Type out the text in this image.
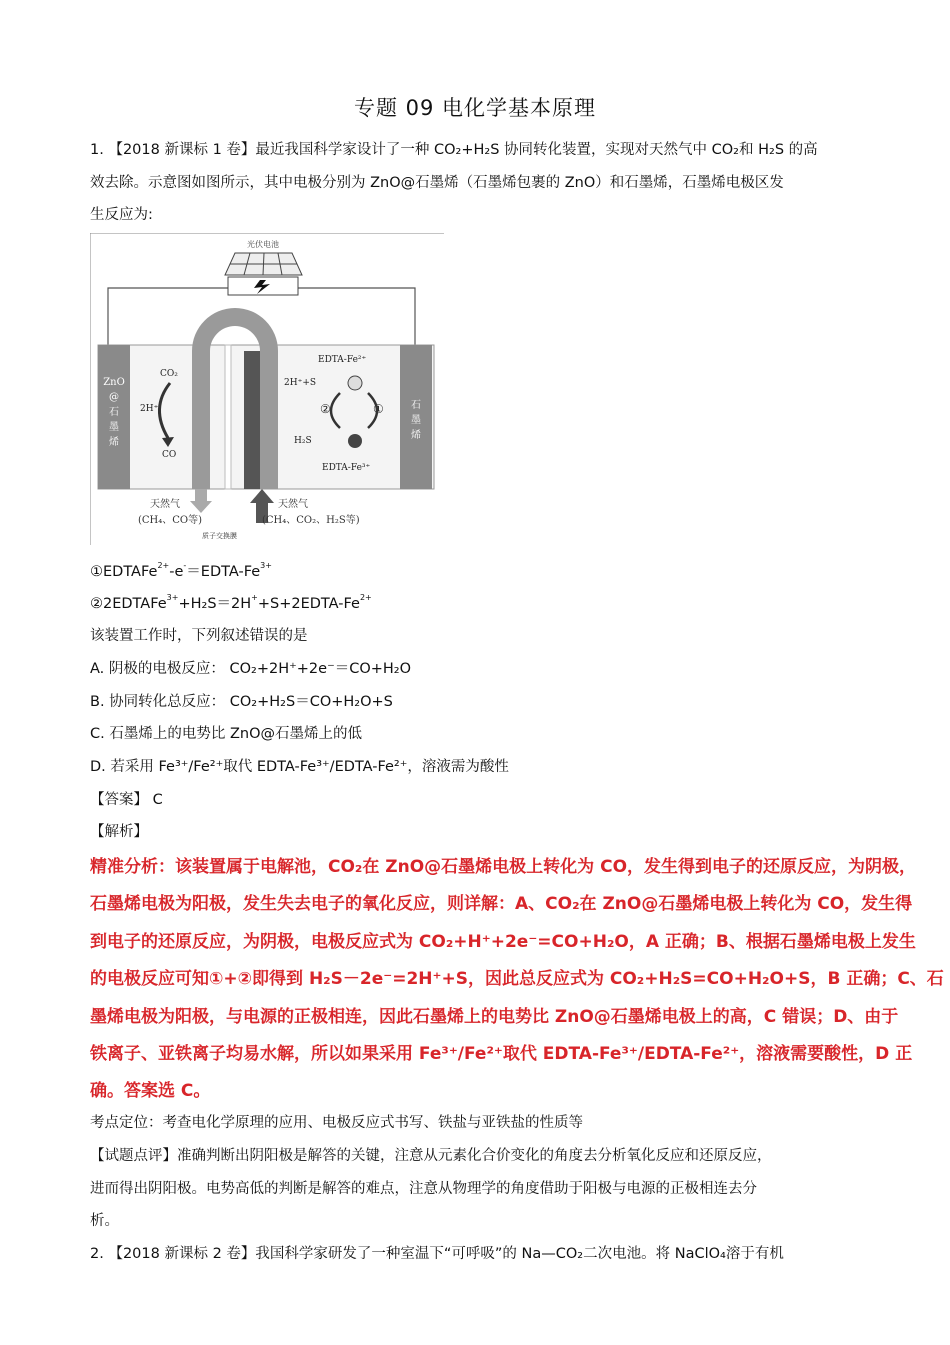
专题 09 电化学基本原理
1. 【2018 新课标 1 卷】最近我国科学家设计了一种 CO₂+H₂S 协同转化装置，实现对天然气中 CO₂和 H₂S 的高
效去除。示意图如图所示，其中电极分别为 ZnO@石墨烯（石墨烯包裹的 ZnO）和石墨烯，石墨烯电极区发
生反应为:
光伏电池
ZnO
@
石
墨
烯
石
墨
烯
CO₂
2H⁺
CO
EDTA-Fe²⁺
2H⁺+S
EDTA-Fe³⁺
H₂S
②	①
天然气
(CH₄、CO等)
天然气
(CH₄、CO₂、H₂S等)
质子交换膜
$①EDTAFe^{2+}-e^-=EDTA-Fe^{3+}$
$②2EDTAFe^{3+}+H_2S=2H^++S+2EDTA-Fe^{2+}$
该装置工作时，下列叙述错误的是
A. 阴极的电极反应： CO₂+2H⁺+2e⁻＝CO+H₂O
B. 协同转化总反应： CO₂+H₂S＝CO+H₂O+S
C. 石墨烯上的电势比 ZnO@石墨烯上的低
D. 若采用 Fe³⁺/Fe²⁺取代 EDTA-Fe³⁺/EDTA-Fe²⁺，溶液需为酸性
【答案】 C
【解析】
精准分析：该装置属于电解池，CO₂在 ZnO@石墨烯电极上转化为 CO，发生得到电子的还原反应，为阴极，
石墨烯电极为阳极，发生失去电子的氧化反应，则详解：A、CO₂在 ZnO@石墨烯电极上转化为 CO，发生得
到电子的还原反应，为阴极，电极反应式为 CO₂+H⁺+2e⁻=CO+H₂O，A 正确；B、根据石墨烯电极上发生
的电极反应可知①+②即得到 H₂S－2e⁻=2H⁺+S，因此总反应式为 CO₂+H₂S=CO+H₂O+S，B 正确；C、石
墨烯电极为阳极，与电源的正极相连，因此石墨烯上的电势比 ZnO@石墨烯电极上的高，C 错误；D、由于
铁离子、亚铁离子均易水解，所以如果采用 Fe³⁺/Fe²⁺取代 EDTA-Fe³⁺/EDTA-Fe²⁺，溶液需要酸性，D 正
确。答案选 C。
考点定位：考查电化学原理的应用、电极反应式书写、铁盐与亚铁盐的性质等
【试题点评】准确判断出阴阳极是解答的关键，注意从元素化合价变化的角度去分析氧化反应和还原反应，
进而得出阴阳极。电势高低的判断是解答的难点，注意从物理学的角度借助于阳极与电源的正极相连去分
析。
2. 【2018 新课标 2 卷】我国科学家研发了一种室温下“可呼吸”的 Na—CO₂二次电池。将 NaClO₄溶于有机
